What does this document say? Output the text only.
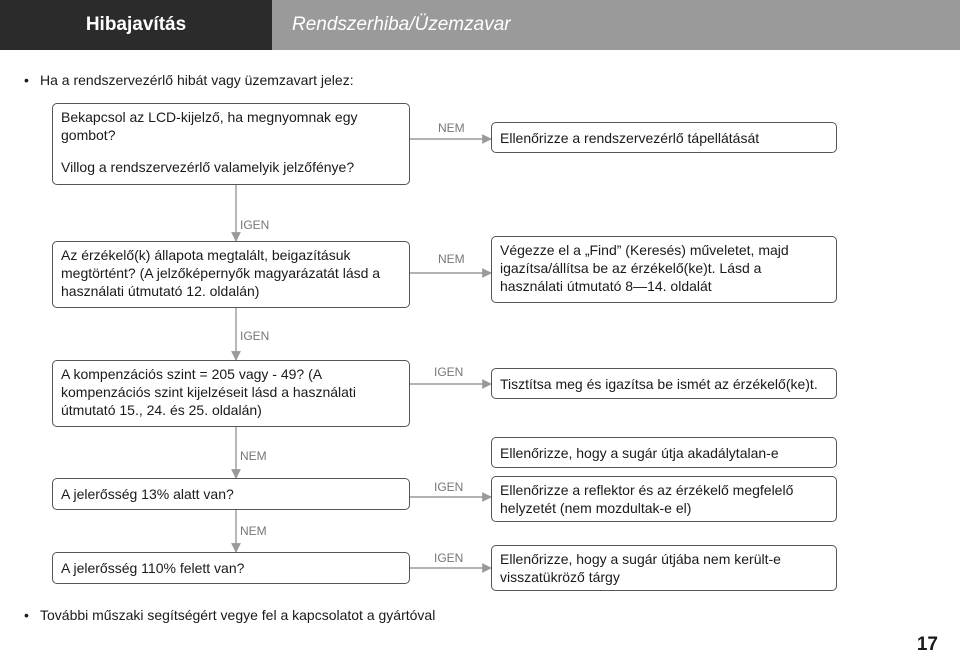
Hibajavítás	Rendszerhiba/Üzemzavar
• Ha a rendszervezérlő hibát vagy üzemzavart jelez:
Bekapcsol az LCD-kijelző, ha megnyomnak egy gombot?
Villog a rendszervezérlő valamelyik jelzőfénye?
NEM
Ellenőrizze a rendszervezérlő tápellátását
IGEN
Az érzékelő(k) állapota megtalált, beigazításuk megtörtént? (A jelzőképernyők magyarázatát lásd a használati útmutató 12. oldalán)
NEM
Végezze el a „Find” (Keresés) műveletet, majd igazítsa/állítsa be az érzékelő(ke)t. Lásd a használati útmutató 8—14. oldalát
IGEN
A kompenzációs szint = 205 vagy - 49? (A kompenzációs szint kijelzéseit lásd a használati útmutató 15., 24. és 25. oldalán)
IGEN
Tisztítsa meg és igazítsa be ismét az érzékelő(ke)t.
NEM	Ellenőrizze, hogy a sugár útja akadálytalan-e
A jelerősség 13% alatt van?	IGEN	Ellenőrizze a reflektor és az érzékelő megfelelő helyzetét (nem mozdultak-e el)
NEM
A jelerősség 110% felett van?
IGEN	Ellenőrizze, hogy a sugár útjába nem került-e visszatükröző tárgy
• További műszaki segítségért vegye fel a kapcsolatot a gyártóval
17
